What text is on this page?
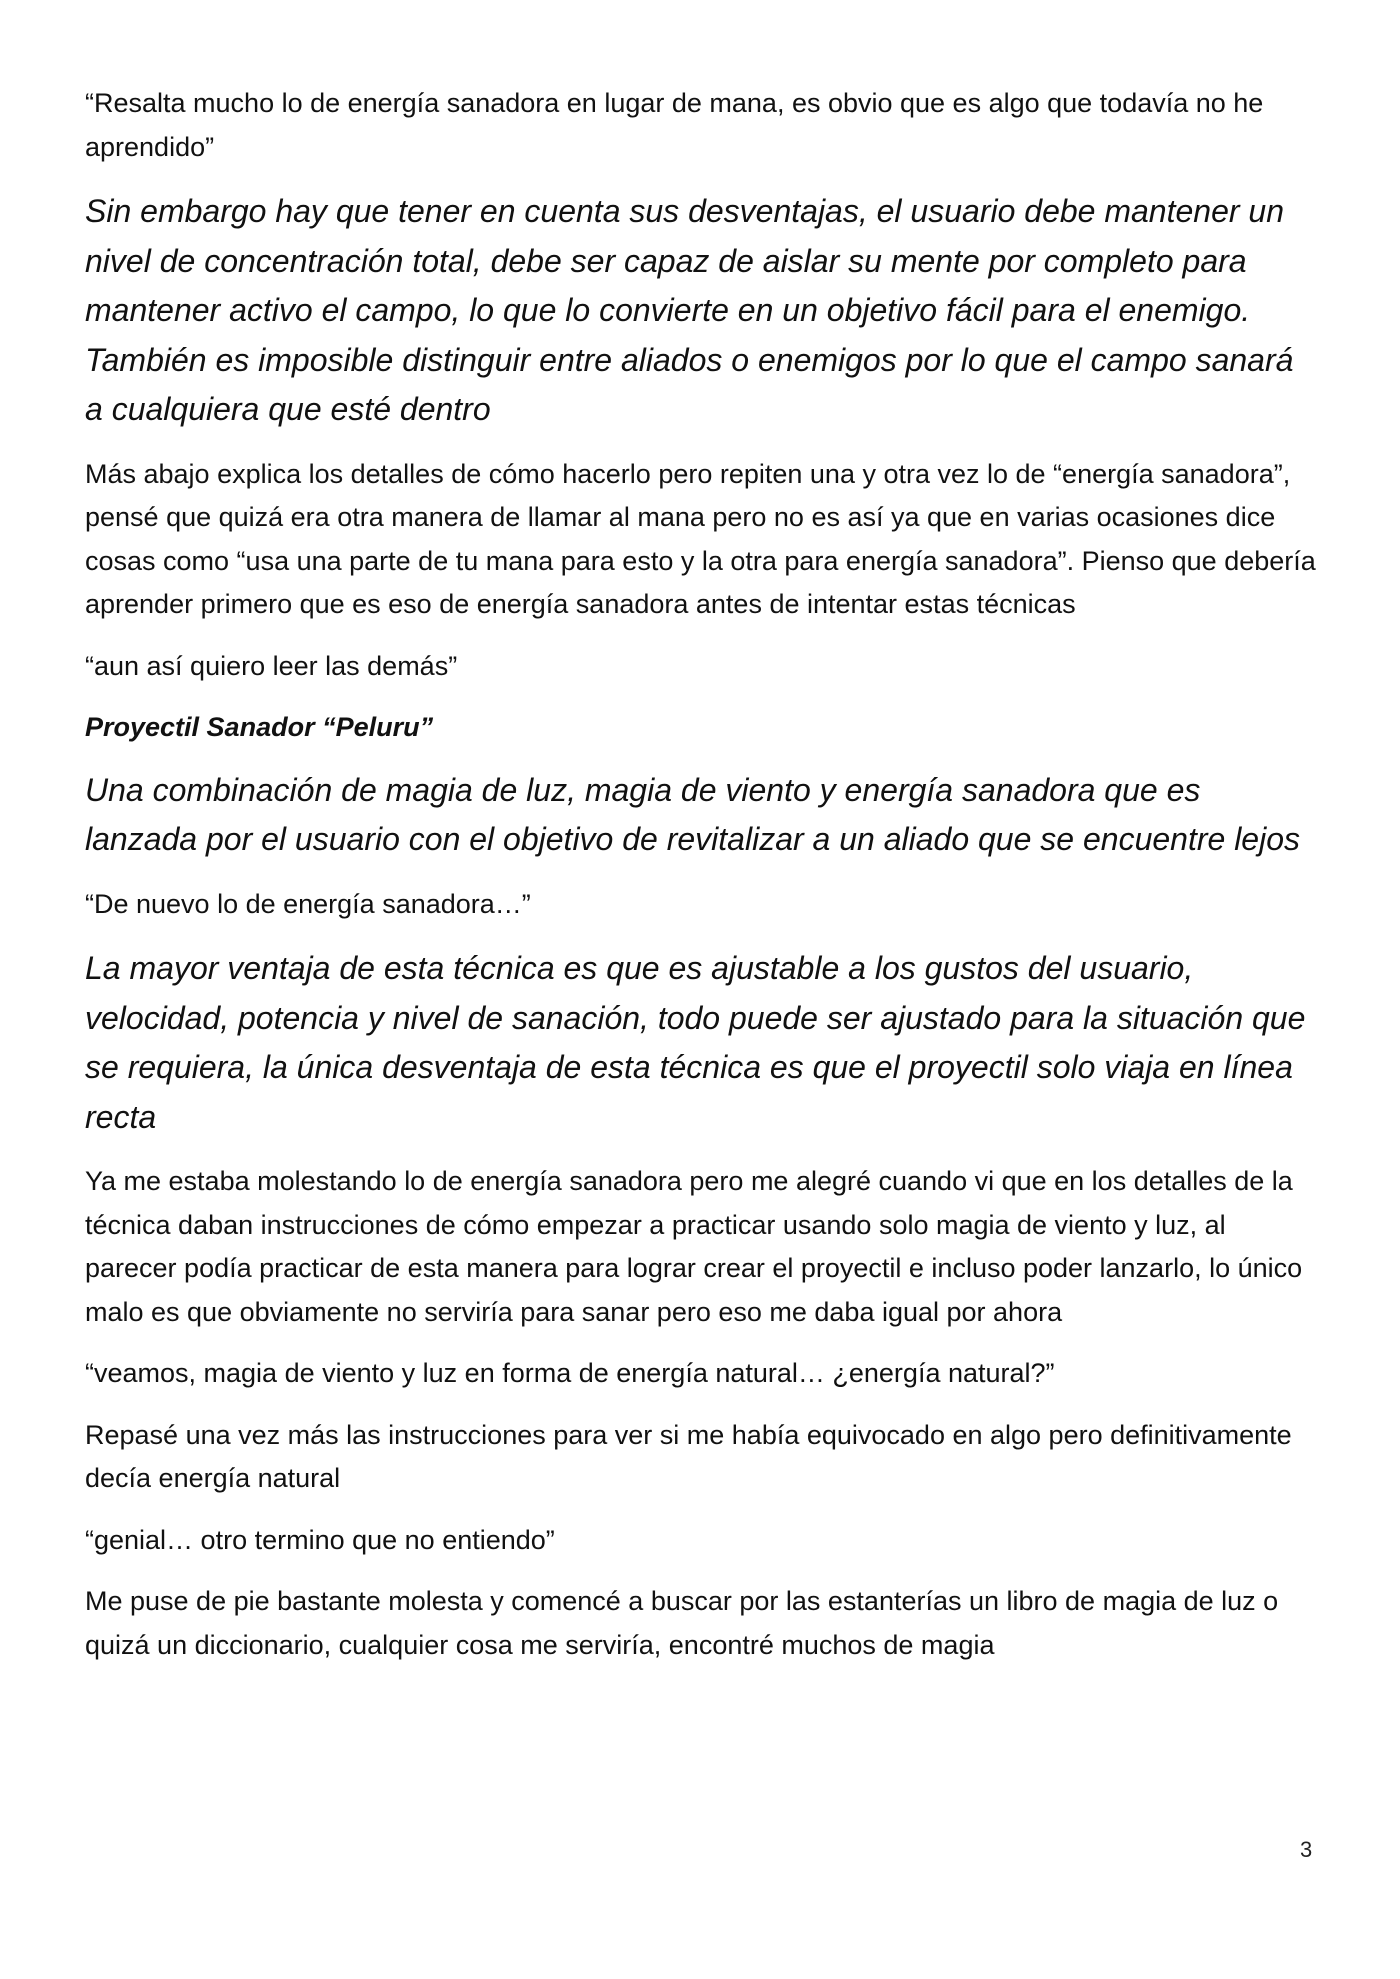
“Resalta mucho lo de energía sanadora en lugar de mana, es obvio que es algo que todavía no he aprendido”

Sin embargo hay que tener en cuenta sus desventajas, el usuario debe mantener un nivel de concentración total, debe ser capaz de aislar su mente por completo para mantener activo el campo, lo que lo convierte en un objetivo fácil para el enemigo. También es imposible distinguir entre aliados o enemigos por lo que el campo sanará a cualquiera que esté dentro

Más abajo explica los detalles de cómo hacerlo pero repiten una y otra vez lo de “energía sanadora”, pensé que quizá era otra manera de llamar al mana pero no es así ya que en varias ocasiones dice cosas como “usa una parte de tu mana para esto y la otra para energía sanadora”. Pienso que debería aprender primero que es eso de energía sanadora antes de intentar estas técnicas

“aun así quiero leer las demás”

Proyectil Sanador “Peluru”

Una combinación de magia de luz, magia de viento y energía sanadora que es lanzada por el usuario con el objetivo de revitalizar a un aliado que se encuentre lejos

“De nuevo lo de energía sanadora…”

La mayor ventaja de esta técnica es que es ajustable a los gustos del usuario, velocidad, potencia y nivel de sanación, todo puede ser ajustado para la situación que se requiera, la única desventaja de esta técnica es que el proyectil solo viaja en línea recta

Ya me estaba molestando lo de energía sanadora pero me alegré cuando vi que en los detalles de la técnica daban instrucciones de cómo empezar a practicar usando solo magia de viento y luz, al parecer podía practicar de esta manera para lograr crear el proyectil e incluso poder lanzarlo, lo único malo es que obviamente no serviría para sanar pero eso me daba igual por ahora

“veamos, magia de viento y luz en forma de energía natural… ¿energía natural?”

Repasé una vez más las instrucciones para ver si me había equivocado en algo pero definitivamente decía energía natural

“genial… otro termino que no entiendo”

Me puse de pie bastante molesta y comencé a buscar por las estanterías un libro de magia de luz o quizá un diccionario, cualquier cosa me serviría, encontré muchos de magia

3
